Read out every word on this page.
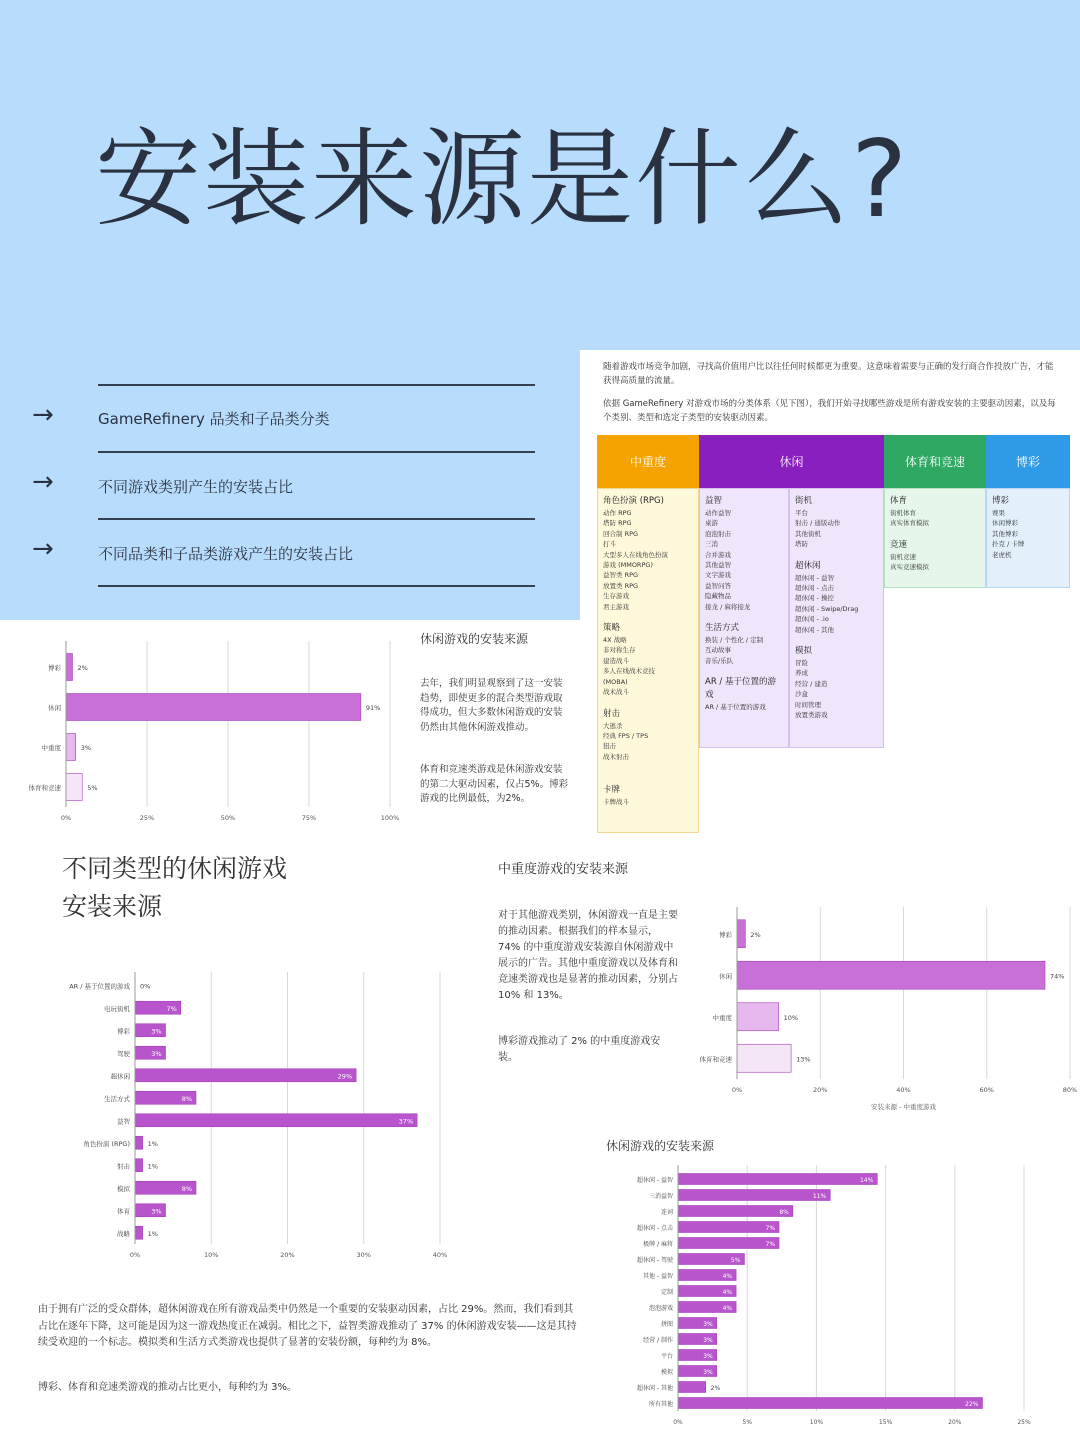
安装来源是什么?
→	GameRefinery 品类和子品类分类
→	不同游戏类别产生的安装占比
→	不同品类和子品类游戏产生的安装占比
随着游戏市场竞争加剧，寻找高价值用户比以往任何时候都更为重要。这意味着需要与正确的发行商合作投放广告，才能获得高质量的流量。
依据 GameRefinery 对游戏市场的分类体系（见下图），我们开始寻找哪些游戏是所有游戏安装的主要驱动因素，以及每个类别、类型和选定子类型的安装驱动因素。
中重度	休闲	体育和竞速	博彩
角色扮演 (RPG)
动作 RPG
塔防 RPG
回合制 RPG
打斗
大型多人在线角色扮演
游戏 (MMORPG)
益智类 RPG
放置类 RPG
生存游戏
君主游戏
策略
4X 战略
非对称生存
建造战斗
多人在线战术竞技
(MOBA)
战术战斗
射击
大逃杀
经典 FPS / TPS
狙击
战术射击
卡牌
卡牌战斗
益智
动作益智
桌游
泡泡射击
三消
合并游戏
其他益智
文字游戏
益智问答
隐藏物品
接龙 / 麻将接龙
生活方式
换装 / 个性化 / 定制
互动故事
音乐/乐队
AR / 基于位置的游戏
AR / 基于位置的游戏
街机
平台
射击 / 通版动作
其他街机
塔防
超休闲
超休闲 - 益智
超休闲 - 点击
超休闲 - 操控
超休闲 - Swipe/Drag
超休闲 - .io
超休闲 - 其他
模拟
冒险
养成
经营 / 建造
沙盒
时间管理
放置类游戏
体育
街机体育
真实体育模拟
竞速
街机竞速
真实竞速模拟
博彩
赛果
休闲博彩
其他博彩
扑克 / 卡牌
老虎机
0%	25%	50%	75%	100%
博彩	2%
休闲	91%
中重度	3%
体育和竞速	5%
休闲游戏的安装来源
去年，我们明显观察到了这一安装趋势，即使更多的混合类型游戏取得成功，但大多数休闲游戏的安装仍然由其他休闲游戏推动。
体育和竞速类游戏是休闲游戏安装的第二大驱动因素，仅占5%。博彩游戏的比例最低，为2%。
不同类型的休闲游戏
安装来源
0%	10%	20%	30%	40%
AR / 基于位置的游戏 0%
电玩街机	7%
博彩	3%
驾驶	3%
超休闲	29%
生活方式	8%
益智	37%
角色扮演 (RPG)	1%
射击	1%
模拟	8%
体育	3%
战略	1%
由于拥有广泛的受众群体，超休闲游戏在所有游戏品类中仍然是一个重要的安装驱动因素，占比 29%。然而，我们看到其占比在逐年下降，这可能是因为这一游戏热度正在减弱。相比之下，益智类游戏推动了 37% 的休闲游戏安装——这是其持续受欢迎的一个标志。模拟类和生活方式类游戏也提供了显著的安装份额，每种约为 8%。
博彩、体育和竞速类游戏的推动占比更小，每种约为 3%。
中重度游戏的安装来源
对于其他游戏类别，休闲游戏一直是主要的推动因素。根据我们的样本显示，74% 的中重度游戏安装源自休闲游戏中展示的广告。其他中重度游戏以及体育和竞速类游戏也是显著的推动因素，分别占 10% 和 13%。
博彩游戏推动了 2% 的中重度游戏安装。
0%	20%	40%	60%	80%
博彩	2%
休闲	74%
中重度	10%
体育和竞速	13%
安装来源 - 中重度游戏
休闲游戏的安装来源
0%	5%	10%	15%	20%	25%
超休闲 - 益智	14%
三消益智	11%
连词	8%
超休闲 - 点击	7%
极牌 / 麻将	7%
超休闲 - 驾驶	5%
其他 - 益智	4%
定制	4%
泡泡游戏	4%
拼图	3%
经营 / 制作	3%
平台	3%
模拟	3%
超休闲 - 其他	2%
所有其他	22%
